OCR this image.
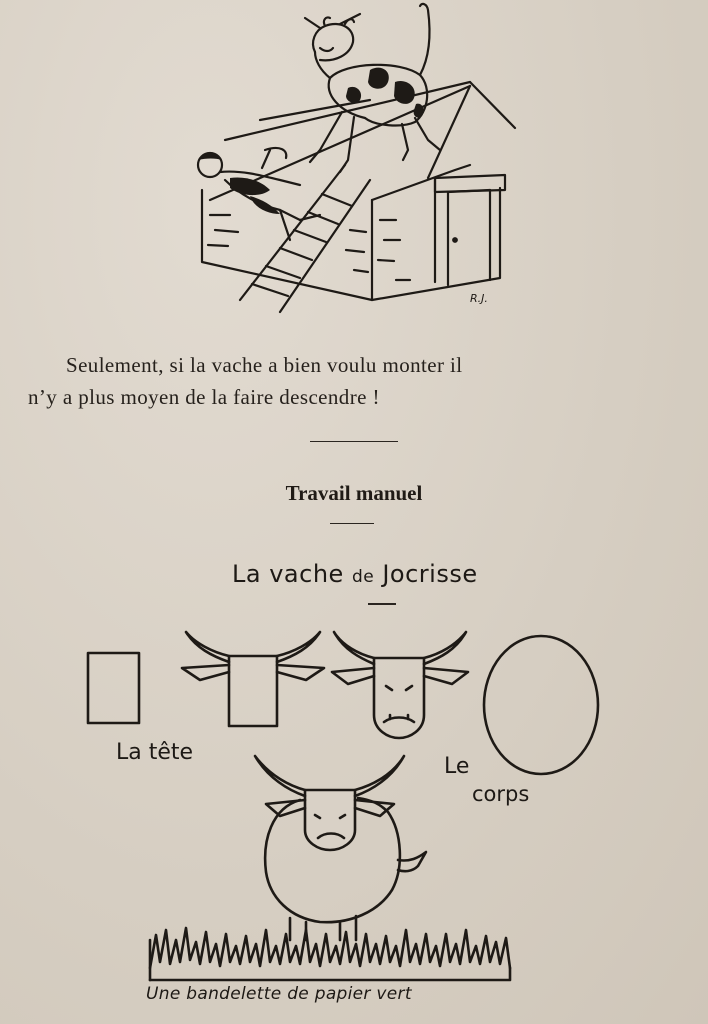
R.J.
Seulement, si la vache a bien voulu monter il
n’y a plus moyen de la faire descendre !
Travail manuel
La vache de Jocrisse
La tête
Le
corps
Une bandelette de papier vert
